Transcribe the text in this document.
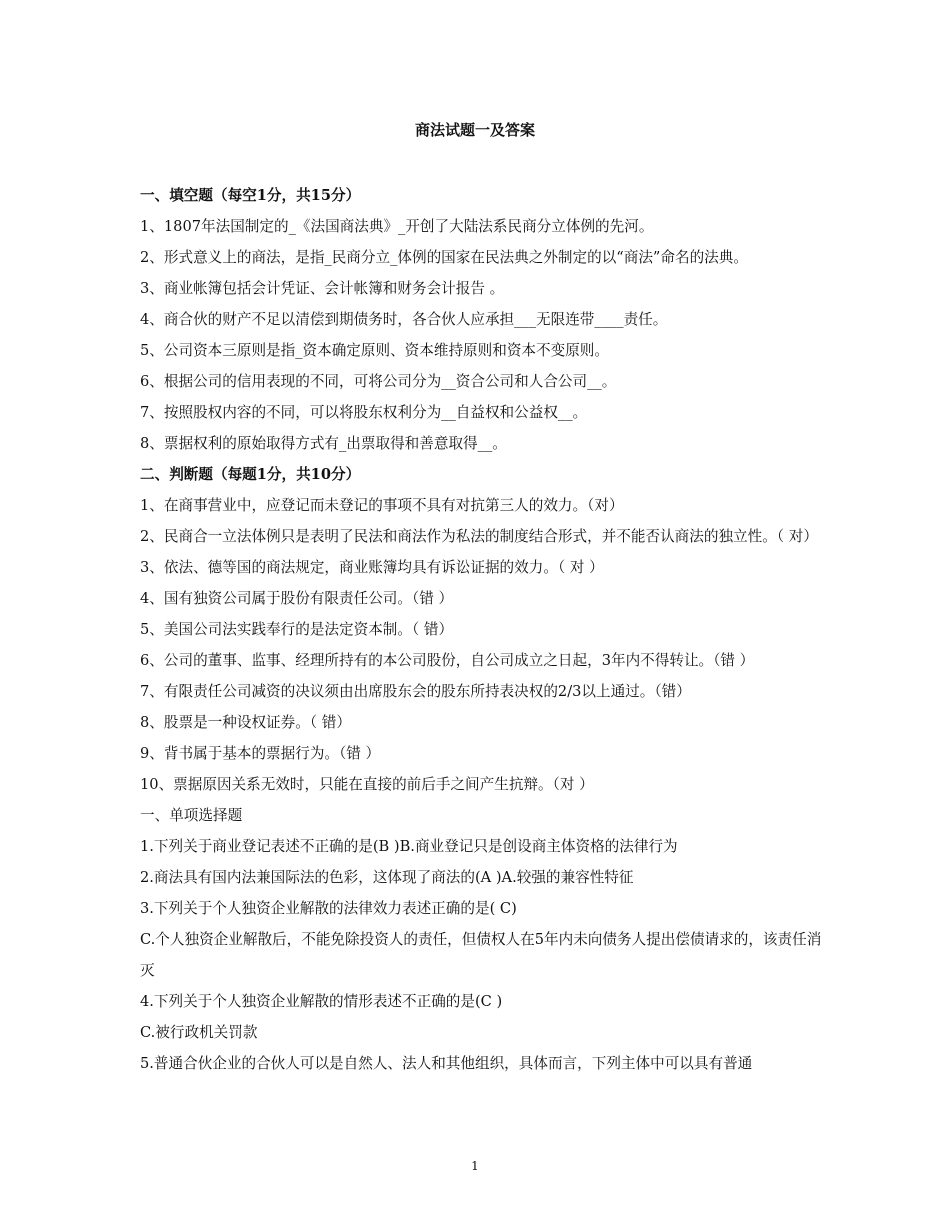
商法试题一及答案
一、填空题（每空1分，共15分）
1、1807年法国制定的_《法国商法典》_开创了大陆法系民商分立体例的先河。
2、形式意义上的商法，是指_民商分立_体例的国家在民法典之外制定的以“商法”命名的法典。
3、商业帐簿包括会计凭证、会计帐簿和财务会计报告 。
4、商合伙的财产不足以清偿到期债务时，各合伙人应承担___无限连带____责任。
5、公司资本三原则是指_资本确定原则、资本维持原则和资本不变原则。
6、根据公司的信用表现的不同，可将公司分为__资合公司和人合公司__。
7、按照股权内容的不同，可以将股东权利分为__自益权和公益权__。
8、票据权利的原始取得方式有_出票取得和善意取得__。
二、判断题（每题1分，共10分）
1、在商事营业中，应登记而未登记的事项不具有对抗第三人的效力。（对）
2、民商合一立法体例只是表明了民法和商法作为私法的制度结合形式，并不能否认商法的独立性。（ 对）
3、依法、德等国的商法规定，商业账簿均具有诉讼证据的效力。（ 对 ）
4、国有独资公司属于股份有限责任公司。（错 ）
5、美国公司法实践奉行的是法定资本制。（ 错）
6、公司的董事、监事、经理所持有的本公司股份，自公司成立之日起，3年内不得转让。（错 ）
7、有限责任公司减资的决议须由出席股东会的股东所持表决权的2/3以上通过。（错）
8、股票是一种设权证券。（ 错）
9、背书属于基本的票据行为。（错 ）
10、票据原因关系无效时，只能在直接的前后手之间产生抗辩。（对 ）
一、单项选择题
1.下列关于商业登记表述不正确的是(B )B.商业登记只是创设商主体资格的法律行为
2.商法具有国内法兼国际法的色彩，这体现了商法的(A )A.较强的兼容性特征
3.下列关于个人独资企业解散的法律效力表述正确的是( C)
C.个人独资企业解散后，不能免除投资人的责任，但债权人在5年内未向债务人提出偿债请求的，该责任消灭
4.下列关于个人独资企业解散的情形表述不正确的是(C )
C.被行政机关罚款
5.普通合伙企业的合伙人可以是自然人、法人和其他组织，具体而言，下列主体中可以具有普通
1
